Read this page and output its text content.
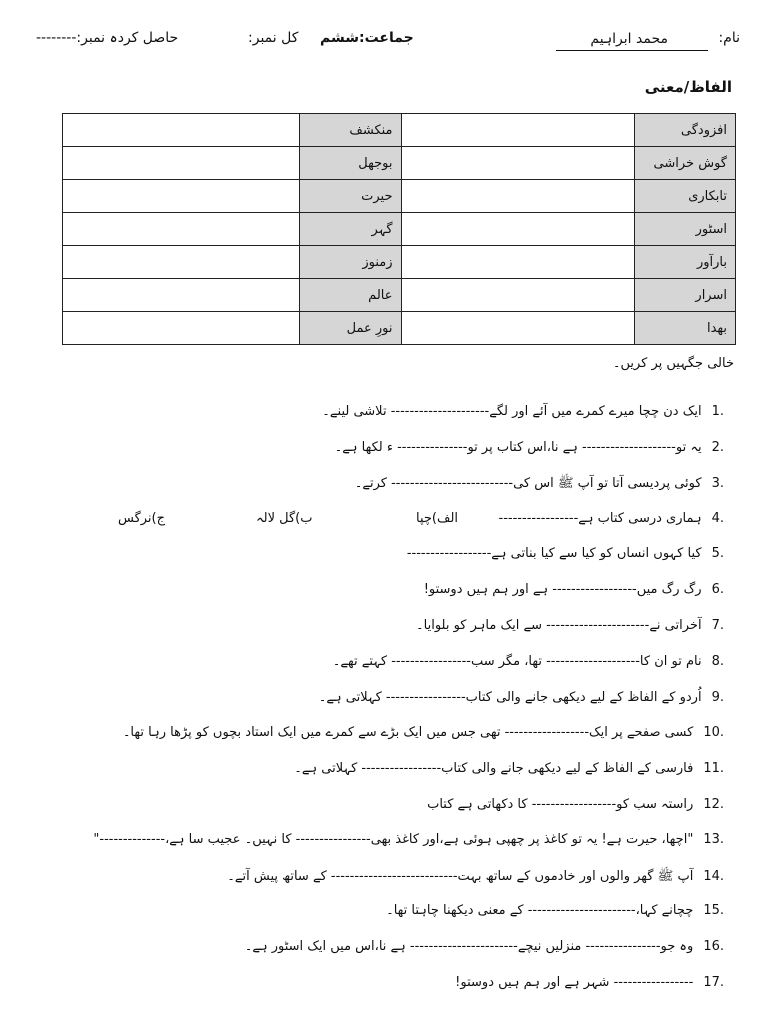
نام:
محمد ابراہیم
جماعت:ششم
کل نمبر:
حاصل کردہ نمبر:--------
الفاظ/معنی
افزودگی		منکشف	
گوش خراشی		بوجھل	
تابکاری		حیرت	
اسٹور		گہر	
بارآور		زمنوز	
اسرار		عالم	
بھدا		نورِ عمل	
خالی جگہیں پر کریں۔
.1ایک دن چچا میرے کمرے میں آئے اور لگے--------------------- تلاشی لینے۔
.2یہ تو-------------------- ہے نا،اس کتاب پر تو--------------- ء لکھا ہے۔
.3کوئی پردیسی آتا تو آپ ﷺ اس کی-------------------------- کرتے۔
.4ہماری درسی کتاب ہے-----------------
.5کیا کہوں انساں کو کیا سے کیا بناتی ہے------------------
.6رگ رگ میں------------------ ہے اور ہم ہیں دوستو!
.7آخراتی نے---------------------- سے ایک ماہر کو بلوایا۔
.8نام تو ان کا-------------------- تھا، مگر سب----------------- کہتے تھے۔
.9اُردو کے الفاظ کے لیے دیکھی جانے والی کتاب----------------- کہلاتی ہے۔
.10کسی صفحے پر ایک------------------ تھی جس میں ایک بڑے سے کمرے میں ایک استاد بچوں کو پڑھا رہا تھا۔
.11فارسی کے الفاظ کے لیے دیکھی جانے والی کتاب----------------- کہلاتی ہے۔
.12راستہ سب کو------------------ کا دکھاتی ہے کتاب
.13"اچھا، حیرت ہے! یہ تو کاغذ پر چھپی ہوئی ہے،اور کاغذ بھی---------------- کا نہیں۔ عجیب سا ہے،--------------"
.14آپ ﷺ گھر والوں اور خادموں کے ساتھ بہت--------------------------- کے ساتھ پیش آتے۔
.15چچانے کہا،----------------------- کے معنی دیکھنا چاہتا تھا۔
.16وہ جو---------------- منزلیں نیچے----------------------- ہے نا،اس میں ایک اسٹور ہے۔
.17----------------- شہر ہے اور ہم ہیں دوستو!
الف)چپا
ب)گل لالہ
ج)نرگس
